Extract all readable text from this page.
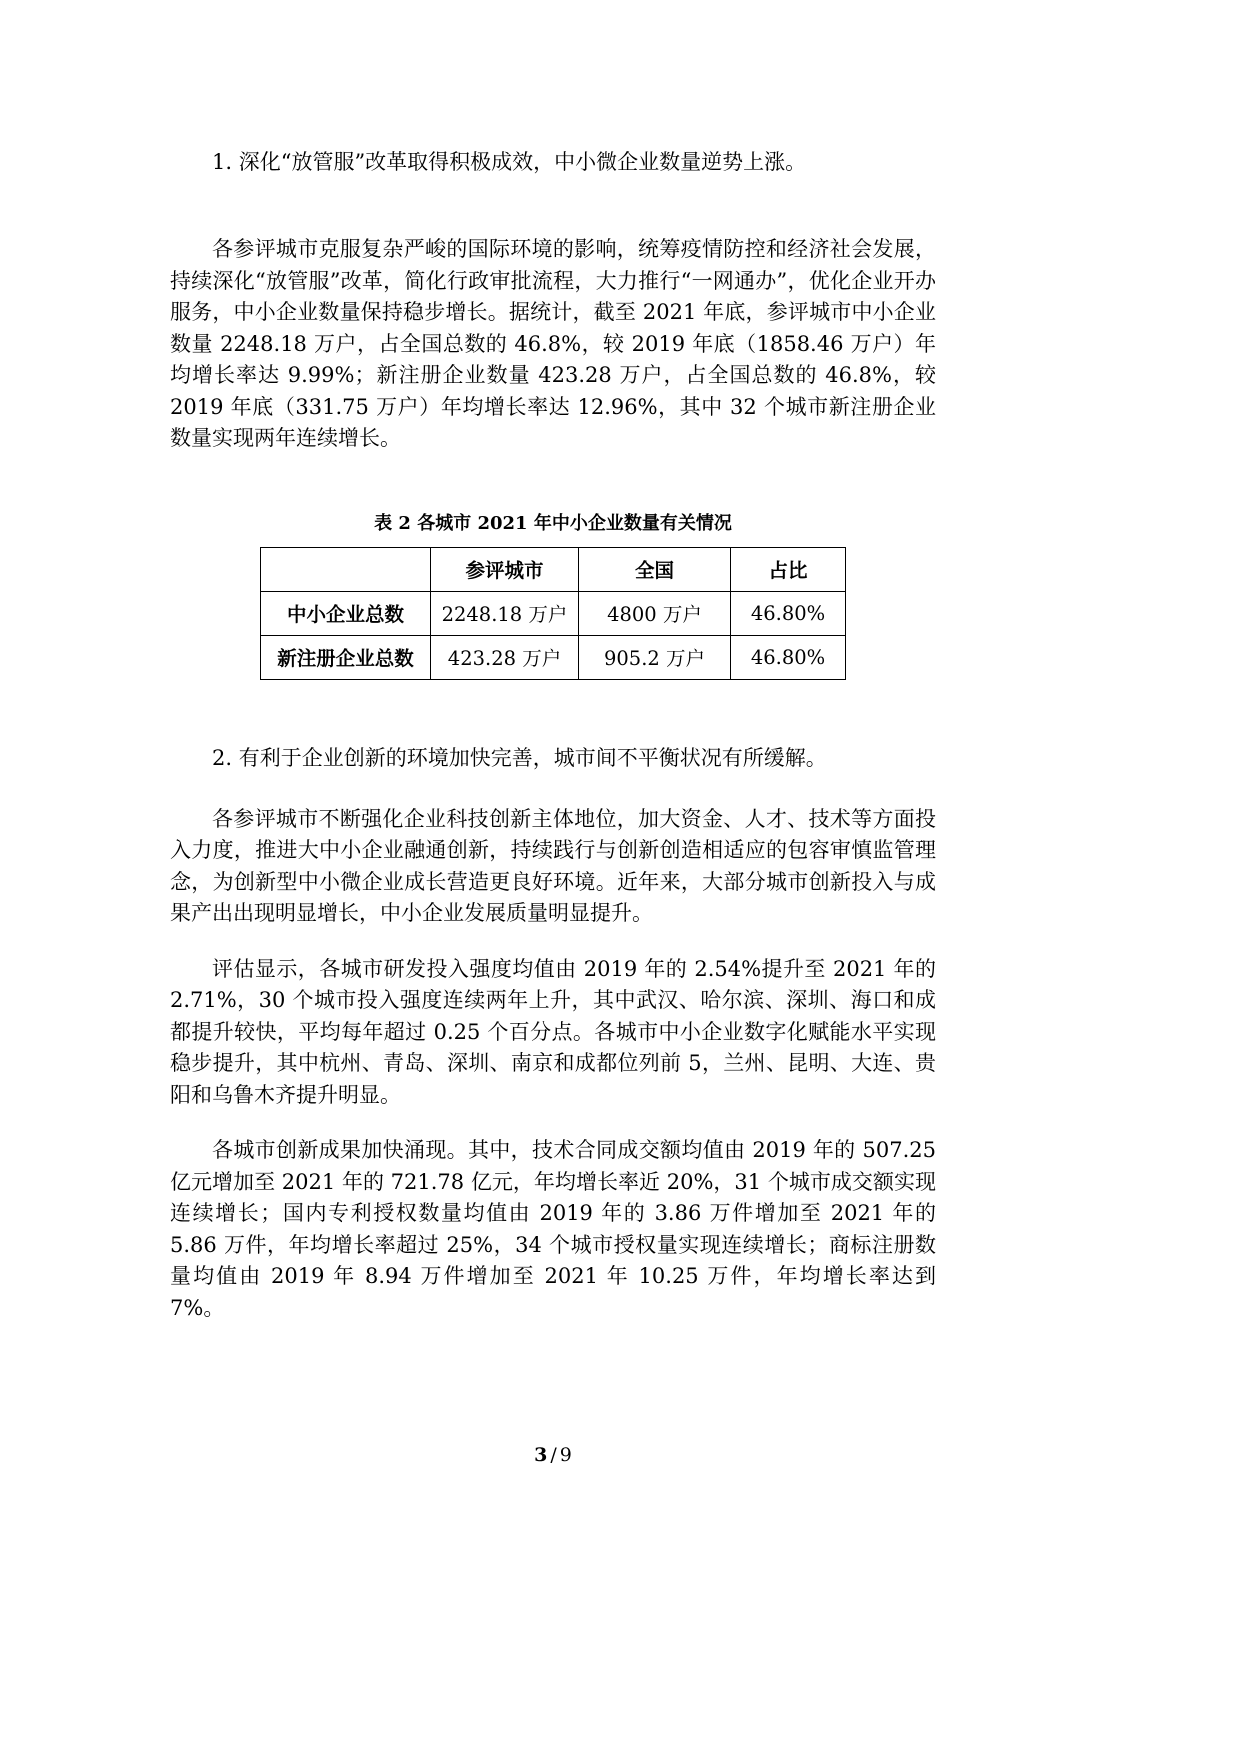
1. 深化“放管服”改革取得积极成效，中小微企业数量逆势上涨。

各参评城市克服复杂严峻的国际环境的影响，统筹疫情防控和经济社会发展，持续深化“放管服”改革，简化行政审批流程，大力推行“一网通办”，优化企业开办服务，中小企业数量保持稳步增长。据统计，截至 2021 年底，参评城市中小企业数量 2248.18 万户，占全国总数的 46.8%，较 2019 年底（1858.46 万户）年均增长率达 9.99%；新注册企业数量 423.28 万户，占全国总数的 46.8%，较 2019 年底（331.75 万户）年均增长率达 12.96%，其中 32 个城市新注册企业数量实现两年连续增长。

表 2 各城市 2021 年中小企业数量有关情况
	参评城市	全国	占比
中小企业总数	2248.18 万户	4800 万户	46.80%
新注册企业总数	423.28 万户	905.2 万户	46.80%
2. 有利于企业创新的环境加快完善，城市间不平衡状况有所缓解。

各参评城市不断强化企业科技创新主体地位，加大资金、人才、技术等方面投入力度，推进大中小企业融通创新，持续践行与创新创造相适应的包容审慎监管理念，为创新型中小微企业成长营造更良好环境。近年来，大部分城市创新投入与成果产出出现明显增长，中小企业发展质量明显提升。

评估显示，各城市研发投入强度均值由 2019 年的 2.54%提升至 2021 年的 2.71%，30 个城市投入强度连续两年上升，其中武汉、哈尔滨、深圳、海口和成都提升较快，平均每年超过 0.25 个百分点。各城市中小企业数字化赋能水平实现稳步提升，其中杭州、青岛、深圳、南京和成都位列前 5，兰州、昆明、大连、贵阳和乌鲁木齐提升明显。

各城市创新成果加快涌现。其中，技术合同成交额均值由 2019 年的 507.25 亿元增加至 2021 年的 721.78 亿元，年均增长率近 20%，31 个城市成交额实现连续增长；国内专利授权数量均值由 2019 年的 3.86 万件增加至 2021 年的 5.86 万件，年均增长率超过 25%，34 个城市授权量实现连续增长；商标注册数量均值由 2019 年 8.94 万件增加至 2021 年 10.25 万件，年均增长率达到 7%。

3 / 9
